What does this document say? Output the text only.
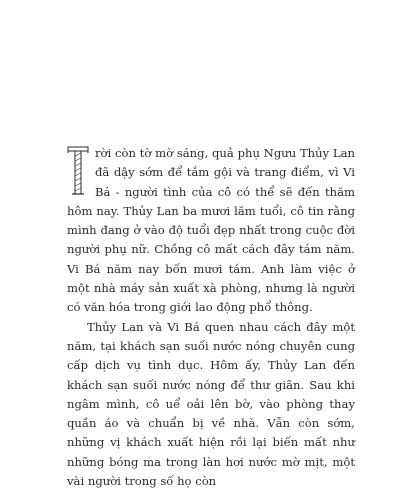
rời còn tờ mờ sáng, quả phụ Ngưu Thủy Lan đã dậy sớm để tắm gội và trang điểm, vì Vi Bá - người tình của cô có thể sẽ đến thăm hôm nay. Thủy Lan ba mươi lăm tuổi, cô tin rằng mình đang ở vào độ tuổi đẹp nhất trong cuộc đời người phụ nữ. Chồng cô mất cách đây tám năm. Vi Bá năm nay bốn mươi tám. Anh làm việc ở một nhà máy sản xuất xà phòng, nhưng là người có văn hóa trong giới lao động phổ thông.

Thủy Lan và Vi Bá quen nhau cách đây một năm, tại khách sạn suối nước nóng chuyên cung cấp dịch vụ tình dục. Hôm ấy, Thủy Lan đến khách sạn suối nước nóng để thư giãn. Sau khi ngâm mình, cô uể oải lên bờ, vào phòng thay quần áo và chuẩn bị về nhà. Vẫn còn sớm, những vị khách xuất hiện rồi lại biến mất như những bóng ma trong làn hơi nước mờ mịt, một vài người trong số họ còn
